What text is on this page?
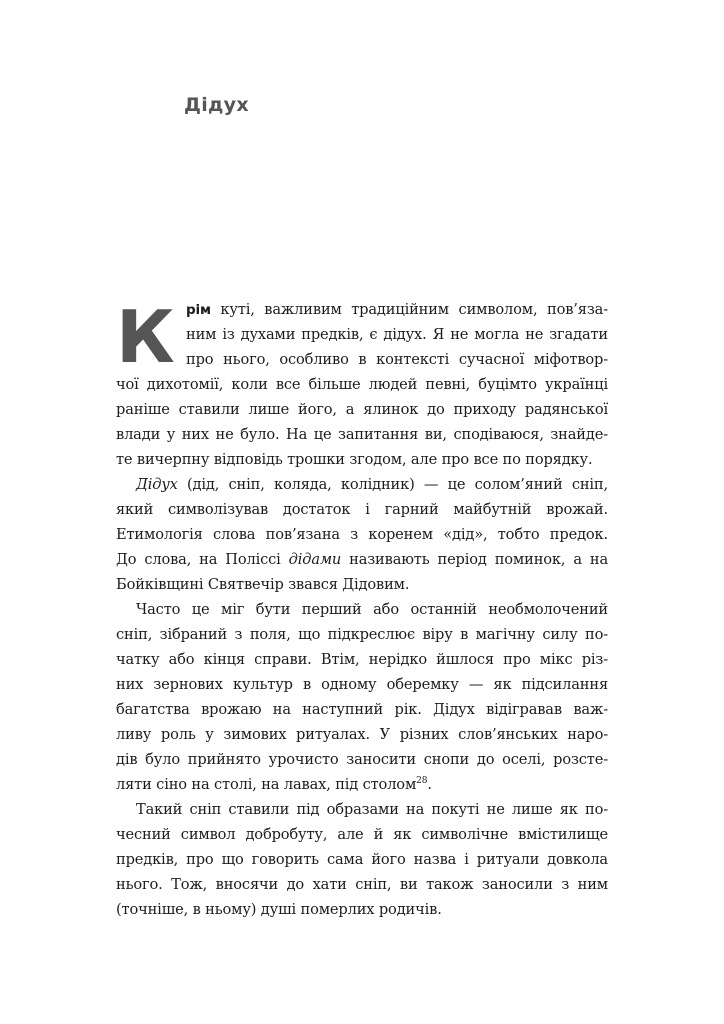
Дідух
К рім куті, важливим традиційним символом, пов’яза-
ним із духами предків, є дідух. Я не могла не згадати
про нього, особливо в контексті сучасної міфотвор-
чої дихотомії, коли все більше людей певні, буцімто українці
раніше ставили лише його, а ялинок до приходу радянської
влади у них не було. На це запитання ви, сподіваюся, знайде-
те вичерпну відповідь трошки згодом, але про все по порядку.
Дідух (дід, сніп, коляда, колідник) — це солом’яний сніп,
який символізував достаток і гарний майбутній врожай.
Етимологія слова пов’язана з коренем «дід», тобто предок.
До слова, на Поліссі дідами називають період поминок, а на
Бойківщині Святвечір звався Дідовим.
Часто це міг бути перший або останній необмолочений
сніп, зібраний з поля, що підкреслює віру в магічну силу по-
чатку або кінця справи. Втім, нерідко йшлося про мікс різ-
них зернових культур в одному оберемку — як підсилання
багатства врожаю на наступний рік. Дідух відігравав важ-
ливу роль у зимових ритуалах. У різних слов’янських наро-
дів було прийнято урочисто заносити снопи до оселі, розсте-
ляти сіно на столі, на лавах, під столом$^{28}$.
Такий сніп ставили під образами на покуті не лише як по-
чесний символ добробуту, але й як символічне вмістилище
предків, про що говорить сама його назва і ритуали довкола
нього. Тож, вносячи до хати сніп, ви також заносили з ним
(точніше, в ньому) душі померлих родичів.
